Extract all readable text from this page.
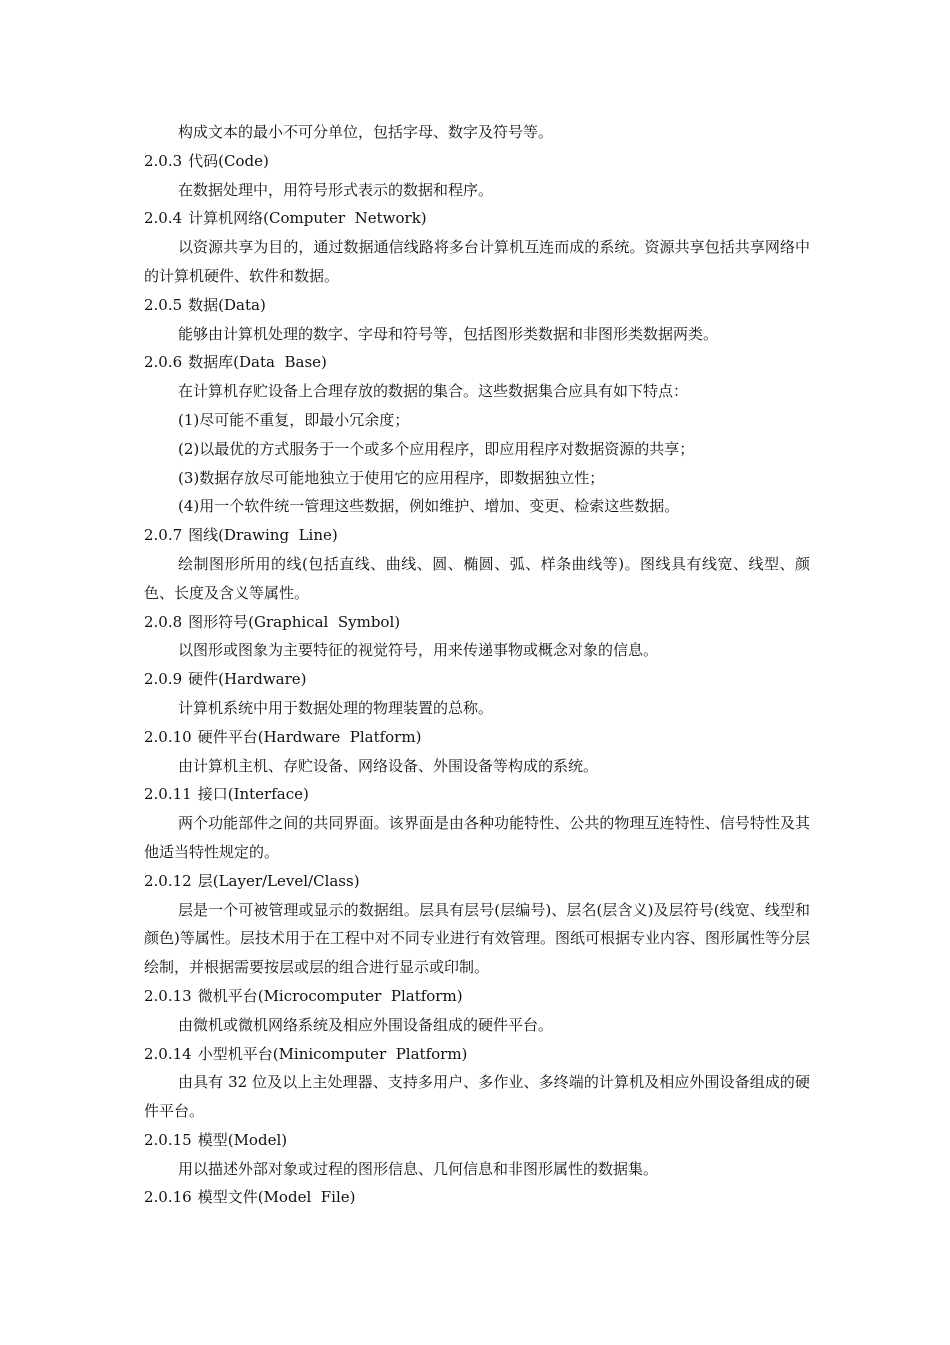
构成文本的最小不可分单位，包括字母、数字及符号等。
2.0.3 代码(Code)
在数据处理中，用符号形式表示的数据和程序。
2.0.4 计算机网络(Computer  Network)
以资源共享为目的，通过数据通信线路将多台计算机互连而成的系统。资源共享包括共享网络中的计算机硬件、软件和数据。
2.0.5 数据(Data)
能够由计算机处理的数字、字母和符号等，包括图形类数据和非图形类数据两类。
2.0.6 数据库(Data  Base)
在计算机存贮设备上合理存放的数据的集合。这些数据集合应具有如下特点：
(1)尽可能不重复，即最小冗余度；
(2)以最优的方式服务于一个或多个应用程序，即应用程序对数据资源的共享；
(3)数据存放尽可能地独立于使用它的应用程序，即数据独立性；
(4)用一个软件统一管理这些数据，例如维护、增加、变更、检索这些数据。
2.0.7 图线(Drawing  Line)
绘制图形所用的线(包括直线、曲线、圆、椭圆、弧、样条曲线等)。图线具有线宽、线型、颜色、长度及含义等属性。
2.0.8 图形符号(Graphical  Symbol)
以图形或图象为主要特征的视觉符号，用来传递事物或概念对象的信息。
2.0.9 硬件(Hardware)
计算机系统中用于数据处理的物理装置的总称。
2.0.10 硬件平台(Hardware  Platform)
由计算机主机、存贮设备、网络设备、外围设备等构成的系统。
2.0.11 接口(Interface)
两个功能部件之间的共同界面。该界面是由各种功能特性、公共的物理互连特性、信号特性及其他适当特性规定的。
2.0.12 层(Layer/Level/Class)
层是一个可被管理或显示的数据组。层具有层号(层编号)、层名(层含义)及层符号(线宽、线型和颜色)等属性。层技术用于在工程中对不同专业进行有效管理。图纸可根据专业内容、图形属性等分层绘制，并根据需要按层或层的组合进行显示或印制。
2.0.13 微机平台(Microcomputer  Platform)
由微机或微机网络系统及相应外围设备组成的硬件平台。
2.0.14 小型机平台(Minicomputer  Platform)
由具有 32 位及以上主处理器、支持多用户、多作业、多终端的计算机及相应外围设备组成的硬件平台。
2.0.15 模型(Model)
用以描述外部对象或过程的图形信息、几何信息和非图形属性的数据集。
2.0.16 模型文件(Model  File)
